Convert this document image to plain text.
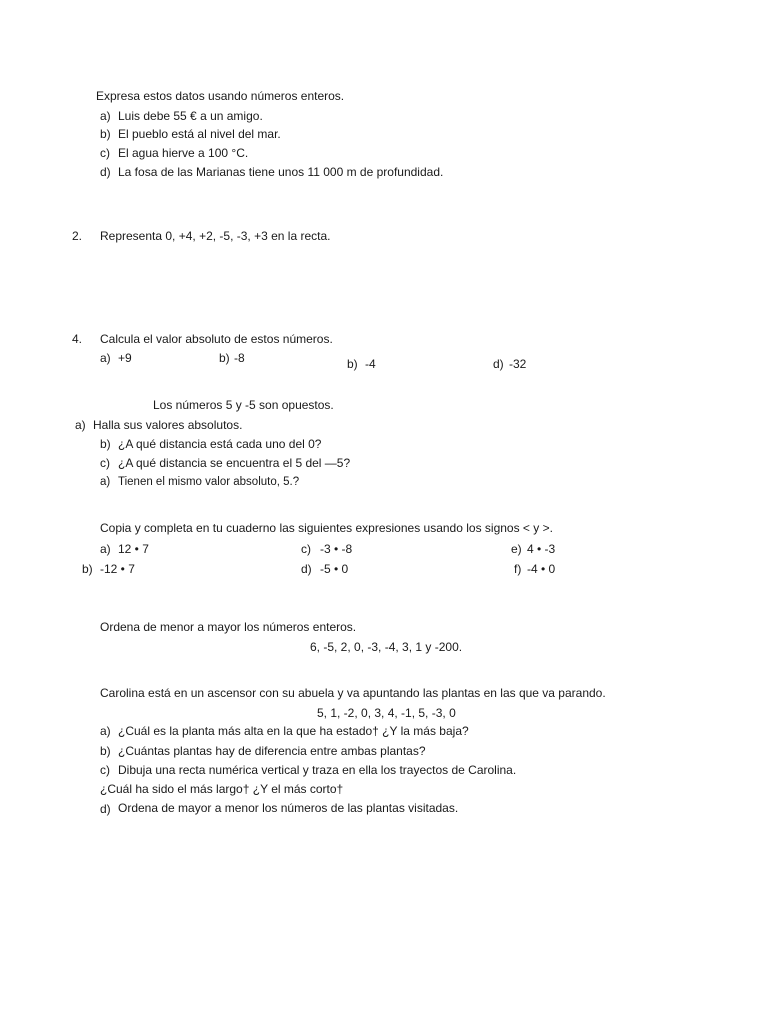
Expresa estos datos usando números enteros.
a) Luis debe 55 € a un amigo.
b) El pueblo está al nivel del mar.
c) El agua hierve a 100 °C.
d) La fosa de las Marianas tiene unos 11 000 m de profundidad.
2. Representa 0, +4, +2, -5, -3, +3 en la recta.
4. Calcula el valor absoluto de estos números.
a) +9	b) -8	b) -4	d) -32
Los números 5 y -5 son opuestos.
a) Halla sus valores absolutos.
b) ¿A qué distancia está cada uno del 0?
c) ¿A qué distancia se encuentra el 5 del —5?
a) Tienen el mismo valor absoluto, 5.?
Copia y completa en tu cuaderno las siguientes expresiones usando los signos < y >.
a) 12 • 7	c) -3 • -8	e) 4 • -3
b) -12 • 7	d) -5 • 0	f) -4 • 0
Ordena de menor a mayor los números enteros.
6, -5, 2, 0, -3, -4, 3, 1 y -200.
Carolina está en un ascensor con su abuela y va apuntando las plantas en las que va parando.
5, 1, -2, 0, 3, 4, -1, 5, -3, 0
a) ¿Cuál es la planta más alta en la que ha estado† ¿Y la más baja?
b) ¿Cuántas plantas hay de diferencia entre ambas plantas?
c) Dibuja una recta numérica vertical y traza en ella los trayectos de Carolina.
¿Cuál ha sido el más largo† ¿Y el más corto†
d) Ordena de mayor a menor los números de las plantas visitadas.
